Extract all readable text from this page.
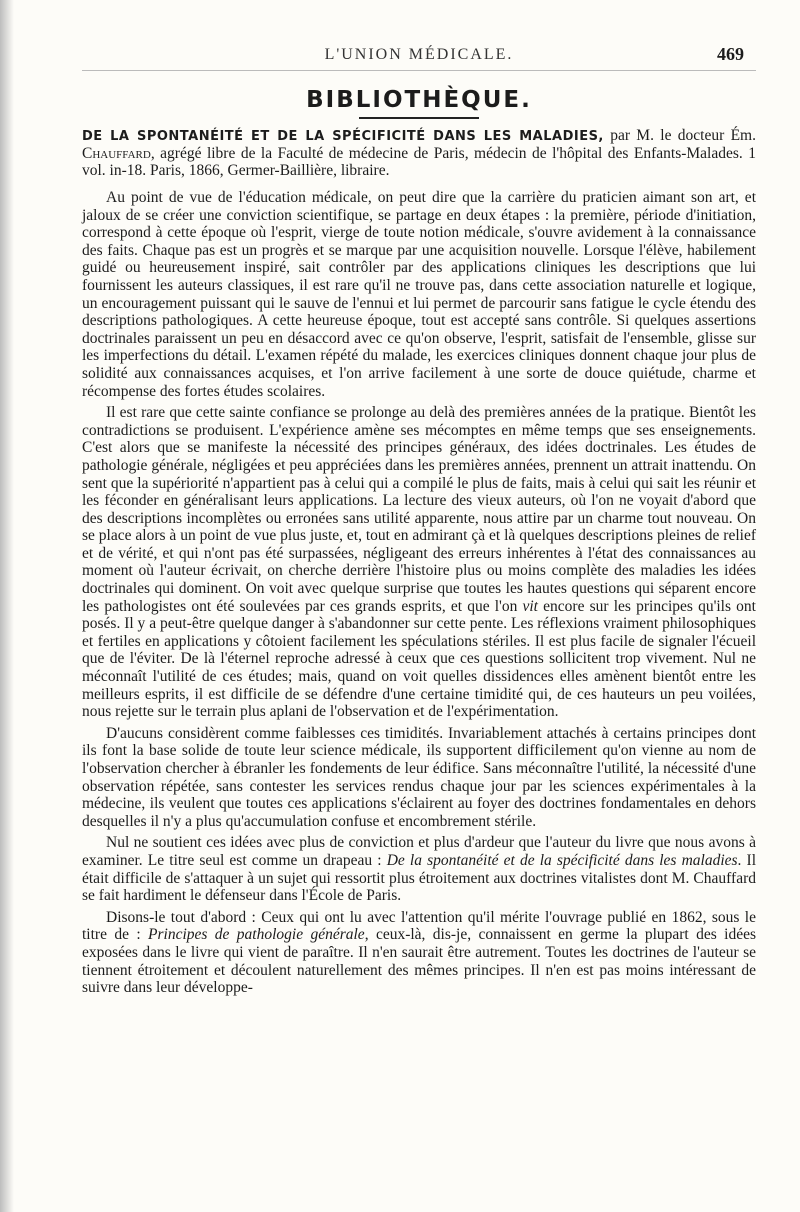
L'UNION MÉDICALE.	469
BIBLIOTHÈQUE.

DE LA SPONTANÉITÉ ET DE LA SPÉCIFICITÉ DANS LES MALADIES, par M. le docteur Ém. Chauffard, agrégé libre de la Faculté de médecine de Paris, médecin de l'hôpital des Enfants-Malades. 1 vol. in-18. Paris, 1866, Germer-Baillière, libraire.

Au point de vue de l'éducation médicale, on peut dire que la carrière du praticien aimant son art, et jaloux de se créer une conviction scientifique, se partage en deux étapes : la première, période d'initiation, correspond à cette époque où l'esprit, vierge de toute notion médicale, s'ouvre avidement à la connaissance des faits. Chaque pas est un progrès et se marque par une acquisition nouvelle. Lorsque l'élève, habilement guidé ou heureusement inspiré, sait contrôler par des applications cliniques les descriptions que lui fournissent les auteurs classiques, il est rare qu'il ne trouve pas, dans cette association naturelle et logique, un encouragement puissant qui le sauve de l'ennui et lui permet de parcourir sans fatigue le cycle étendu des descriptions pathologiques. A cette heureuse époque, tout est accepté sans contrôle. Si quelques assertions doctrinales paraissent un peu en désaccord avec ce qu'on observe, l'esprit, satisfait de l'ensemble, glisse sur les imperfections du détail. L'examen répété du malade, les exercices cliniques donnent chaque jour plus de solidité aux connaissances acquises, et l'on arrive facilement à une sorte de douce quiétude, charme et récompense des fortes études scolaires.

Il est rare que cette sainte confiance se prolonge au delà des premières années de la pratique. Bientôt les contradictions se produisent. L'expérience amène ses mécomptes en même temps que ses enseignements. C'est alors que se manifeste la nécessité des principes généraux, des idées doctrinales. Les études de pathologie générale, négligées et peu appréciées dans les premières années, prennent un attrait inattendu. On sent que la supériorité n'appartient pas à celui qui a compilé le plus de faits, mais à celui qui sait les réunir et les féconder en généralisant leurs applications. La lecture des vieux auteurs, où l'on ne voyait d'abord que des descriptions incomplètes ou erronées sans utilité apparente, nous attire par un charme tout nouveau. On se place alors à un point de vue plus juste, et, tout en admirant çà et là quelques descriptions pleines de relief et de vérité, et qui n'ont pas été surpassées, négligeant des erreurs inhérentes à l'état des connaissances au moment où l'auteur écrivait, on cherche derrière l'histoire plus ou moins complète des maladies les idées doctrinales qui dominent. On voit avec quelque surprise que toutes les hautes questions qui séparent encore les pathologistes ont été soulevées par ces grands esprits, et que l'on vit encore sur les principes qu'ils ont posés. Il y a peut-être quelque danger à s'abandonner sur cette pente. Les réflexions vraiment philosophiques et fertiles en applications y côtoient facilement les spéculations stériles. Il est plus facile de signaler l'écueil que de l'éviter. De là l'éternel reproche adressé à ceux que ces questions sollicitent trop vivement. Nul ne méconnaît l'utilité de ces études; mais, quand on voit quelles dissidences elles amènent bientôt entre les meilleurs esprits, il est difficile de se défendre d'une certaine timidité qui, de ces hauteurs un peu voilées, nous rejette sur le terrain plus aplani de l'observation et de l'expérimentation.

D'aucuns considèrent comme faiblesses ces timidités. Invariablement attachés à certains principes dont ils font la base solide de toute leur science médicale, ils supportent difficilement qu'on vienne au nom de l'observation chercher à ébranler les fondements de leur édifice. Sans méconnaître l'utilité, la nécessité d'une observation répétée, sans contester les services rendus chaque jour par les sciences expérimentales à la médecine, ils veulent que toutes ces applications s'éclairent au foyer des doctrines fondamentales en dehors desquelles il n'y a plus qu'accumulation confuse et encombrement stérile.

Nul ne soutient ces idées avec plus de conviction et plus d'ardeur que l'auteur du livre que nous avons à examiner. Le titre seul est comme un drapeau : De la spontanéité et de la spécificité dans les maladies. Il était difficile de s'attaquer à un sujet qui ressortit plus étroitement aux doctrines vitalistes dont M. Chauffard se fait hardiment le défenseur dans l'École de Paris.

Disons-le tout d'abord : Ceux qui ont lu avec l'attention qu'il mérite l'ouvrage publié en 1862, sous le titre de : Principes de pathologie générale, ceux-là, dis-je, connaissent en germe la plupart des idées exposées dans le livre qui vient de paraître. Il n'en saurait être autrement. Toutes les doctrines de l'auteur se tiennent étroitement et découlent naturellement des mêmes principes. Il n'en est pas moins intéressant de suivre dans leur développe-
